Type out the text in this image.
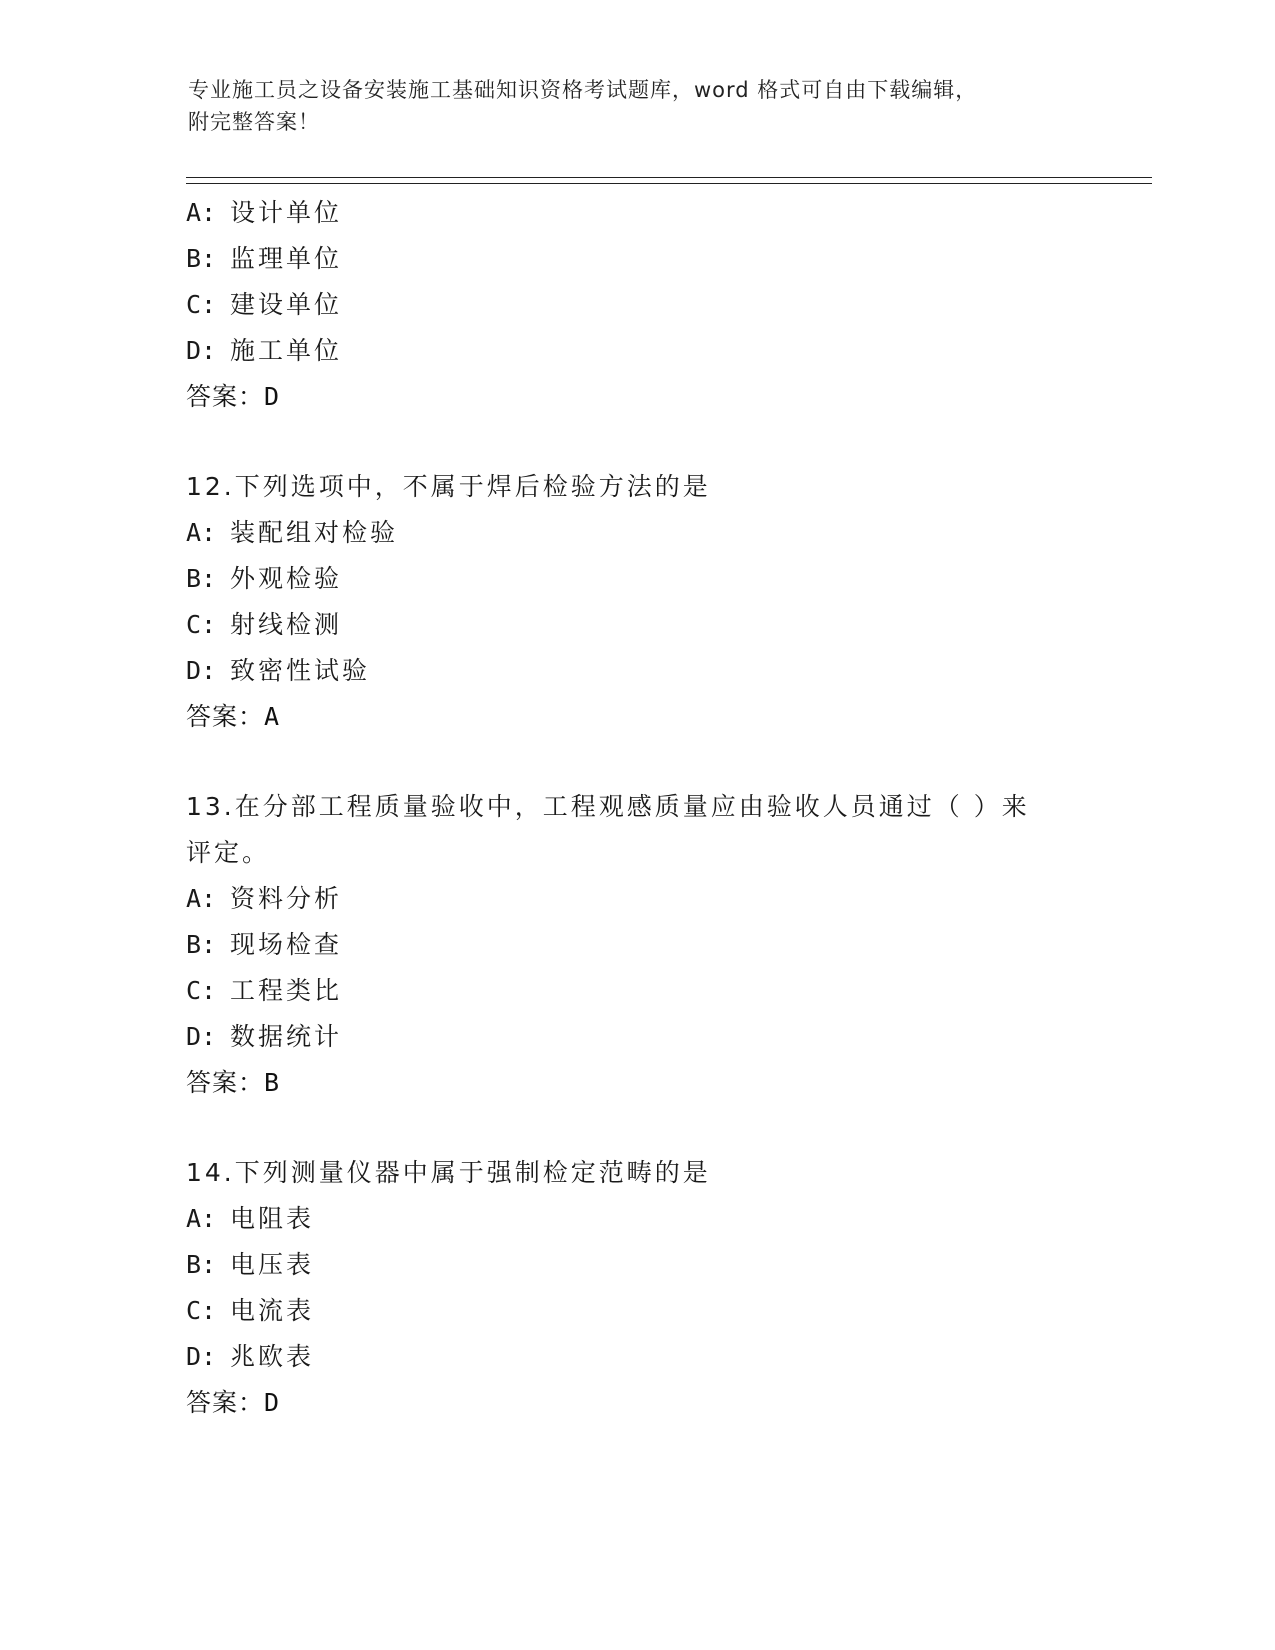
专业施工员之设备安装施工基础知识资格考试题库，word 格式可自由下载编辑，
附完整答案！
A: 设计单位
B: 监理单位
C: 建设单位
D: 施工单位
答案：D
12.下列选项中，不属于焊后检验方法的是
A: 装配组对检验
B: 外观检验
C: 射线检测
D: 致密性试验
答案：A
13.在分部工程质量验收中，工程观感质量应由验收人员通过（ ）来评定。
A: 资料分析
B: 现场检查
C: 工程类比
D: 数据统计
答案：B
14.下列测量仪器中属于强制检定范畴的是
A: 电阻表
B: 电压表
C: 电流表
D: 兆欧表
答案：D
